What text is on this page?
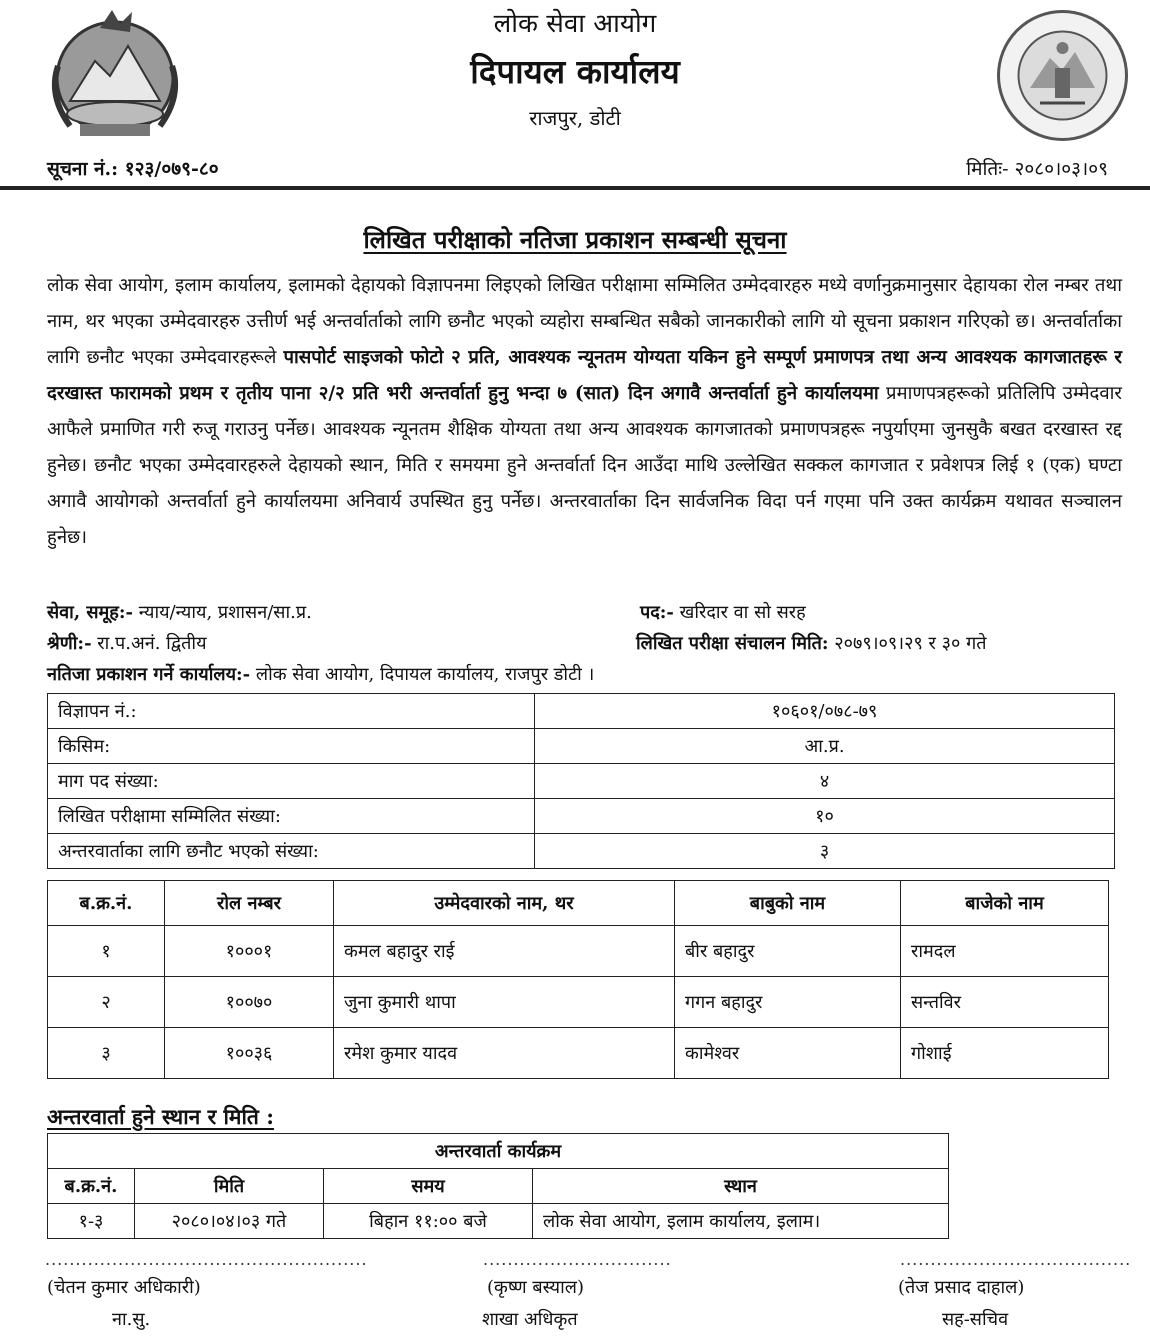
लोक सेवा आयोग
दिपायल कार्यालय
राजपुर, डोटी
सूचना नं.: १२३/०७९-८०	मितिः- २०८०।०३।०९
लिखित परीक्षाको नतिजा प्रकाशन सम्बन्धी सूचना
लोक सेवा आयोग, इलाम कार्यालय, इलामको देहायको विज्ञापनमा लिइएको लिखित परीक्षामा सम्मिलित उम्मेदवारहरु मध्ये वर्णानुक्रमानुसार देहायका रोल नम्बर तथा नाम, थर भएका उम्मेदवारहरु उत्तीर्ण भई अन्तर्वार्ताको लागि छनौट भएको व्यहोरा सम्बन्धित सबैको जानकारीको लागि यो सूचना प्रकाशन गरिएको छ। अन्तर्वार्ताका लागि छनौट भएका उम्मेदवारहरूले पासपोर्ट साइजको फोटो २ प्रति, आवश्यक न्यूनतम योग्यता यकिन हुने सम्पूर्ण प्रमाणपत्र तथा अन्य आवश्यक कागजातहरू र दरखास्त फारामको प्रथम र तृतीय पाना २/२ प्रति भरी अन्तर्वार्ता हुनु भन्दा ७ (सात) दिन अगावै अन्तर्वार्ता हुने कार्यालयमा प्रमाणपत्रहरूको प्रतिलिपि उम्मेदवार आफैले प्रमाणित गरी रुजू गराउनु पर्नेछ। आवश्यक न्यूनतम शैक्षिक योग्यता तथा अन्य आवश्यक कागजातको प्रमाणपत्रहरू नपुर्याएमा जुनसुकै बखत दरखास्त रद्द हुनेछ। छनौट भएका उम्मेदवारहरुले देहायको स्थान, मिति र समयमा हुने अन्तर्वार्ता दिन आउँदा माथि उल्लेखित सक्कल कागजात र प्रवेशपत्र लिई १ (एक) घण्टा अगावै आयोगको अन्तर्वार्ता हुने कार्यालयमा अनिवार्य उपस्थित हुनु पर्नेछ। अन्तरवार्ताका दिन सार्वजनिक विदा पर्न गएमा पनि उक्त कार्यक्रम यथावत सञ्चालन हुनेछ।
सेवा, समूह:- न्याय/न्याय, प्रशासन/सा.प्र.	पद:- खरिदार वा सो सरह
श्रेणी:- रा.प.अनं. द्वितीय	लिखित परीक्षा संचालन मिति: २०७९।०९।२९ र ३० गते
नतिजा प्रकाशन गर्ने कार्यालय:- लोक सेवा आयोग, दिपायल कार्यालय, राजपुर डोटी ।
विज्ञापन नं.:	१०६०१/०७८-७९
किसिम:	आ.प्र.
माग पद संख्या:	४
लिखित परीक्षामा सम्मिलित संख्या:	१०
अन्तरवार्ताका लागि छनौट भएको संख्या:	३
ब.क्र.नं.	रोल नम्बर	उम्मेदवारको नाम, थर	बाबुको नाम	बाजेको नाम
१	१०००१	कमल बहादुर राई	बीर बहादुर	रामदल
२	१००७०	जुना कुमारी थापा	गगन बहादुर	सन्तविर
३	१००३६	रमेश कुमार यादव	कामेश्वर	गोशाई
अन्तरवार्ता हुने स्थान र मिति :
अन्तरवार्ता कार्यक्रम			
ब.क्र.नं.	मिति	समय	स्थान
१-३	२०८०।०४।०३ गते	बिहान ११:०० बजे	लोक सेवा आयोग, इलाम कार्यालय, इलाम।
.....................................................	...............................	......................................
(चेतन कुमार अधिकारी)
ना.सु.
(कृष्ण बस्याल)
शाखा अधिकृत
(तेज प्रसाद दाहाल)
सह-सचिव
